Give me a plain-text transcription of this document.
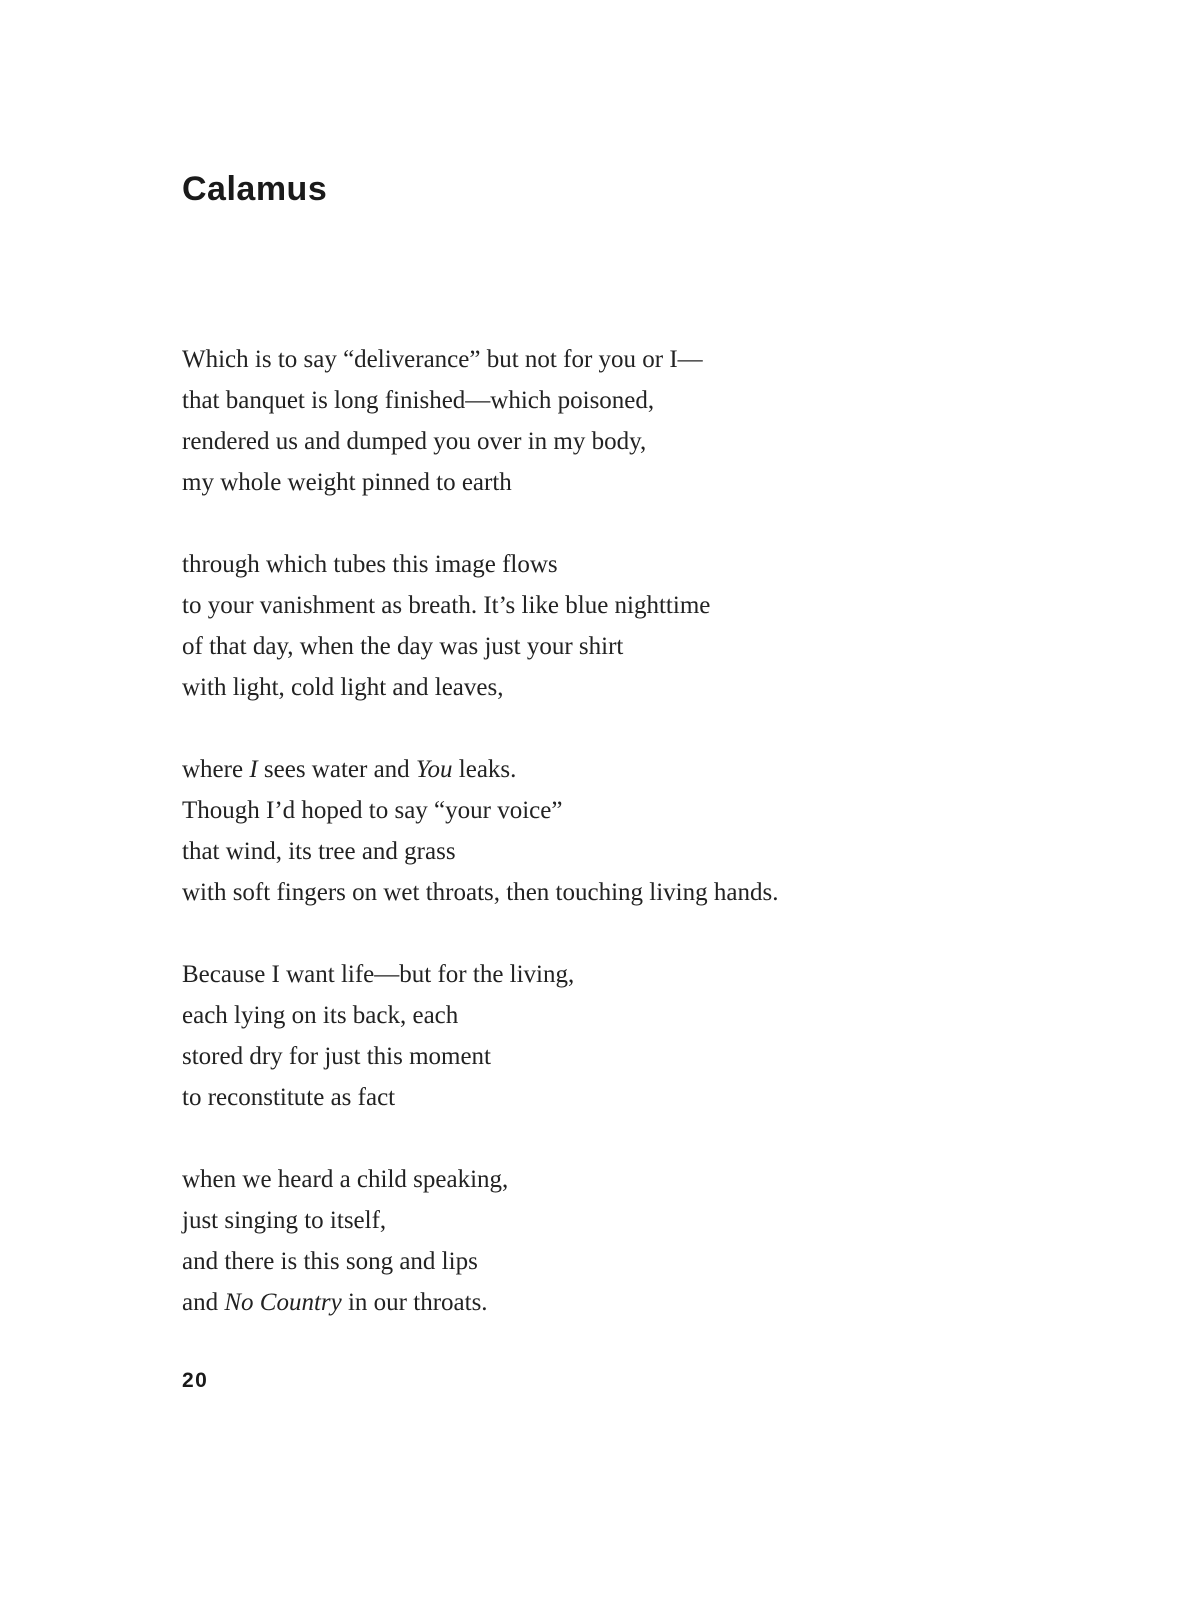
Calamus
Which is to say “deliverance” but not for you or I—
that banquet is long finished—which poisoned,
rendered us and dumped you over in my body,
my whole weight pinned to earth
through which tubes this image flows
to your vanishment as breath. It’s like blue nighttime
of that day, when the day was just your shirt
with light, cold light and leaves,
where I sees water and You leaks.
Though I’d hoped to say “your voice”
that wind, its tree and grass
with soft fingers on wet throats, then touching living hands.
Because I want life—but for the living,
each lying on its back, each
stored dry for just this moment
to reconstitute as fact
when we heard a child speaking,
just singing to itself,
and there is this song and lips
and No Country in our throats.
20
